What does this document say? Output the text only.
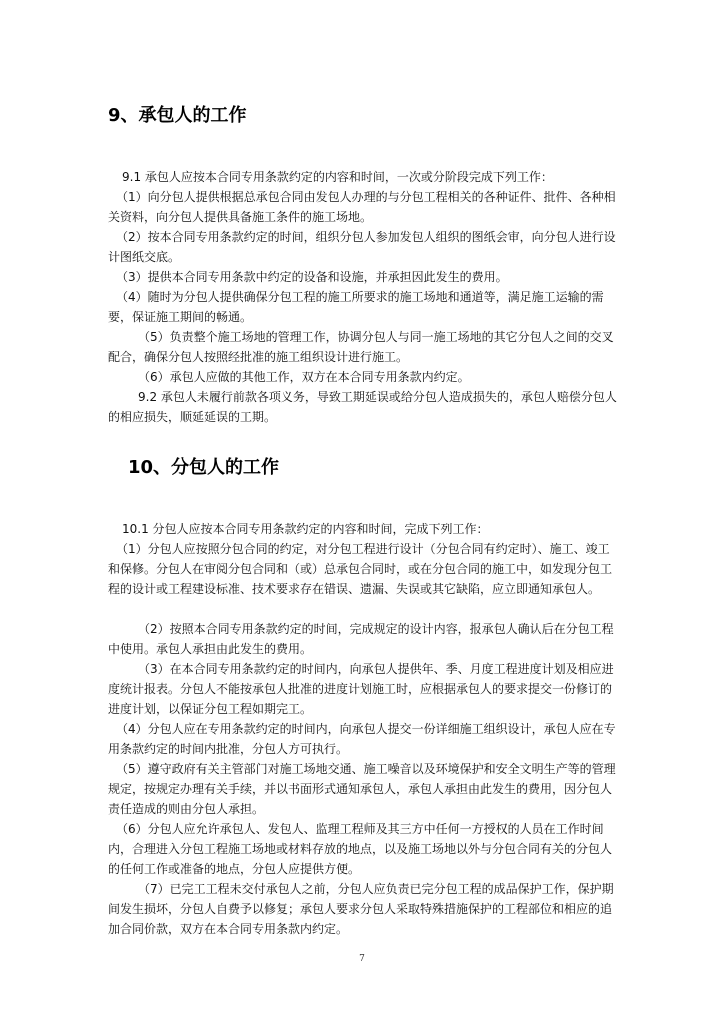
9、承包人的工作

9.1 承包人应按本合同专用条款约定的内容和时间，一次或分阶段完成下列工作：

（1）向分包人提供根据总承包合同由发包人办理的与分包工程相关的各种证件、批件、各种相关资料，向分包人提供具备施工条件的施工场地。

（2）按本合同专用条款约定的时间，组织分包人参加发包人组织的图纸会审，向分包人进行设计图纸交底。

（3）提供本合同专用条款中约定的设备和设施，并承担因此发生的费用。

（4）随时为分包人提供确保分包工程的施工所要求的施工场地和通道等，满足施工运输的需要，保证施工期间的畅通。

（5）负责整个施工场地的管理工作，协调分包人与同一施工场地的其它分包人之间的交叉配合，确保分包人按照经批准的施工组织设计进行施工。

（6）承包人应做的其他工作，双方在本合同专用条款内约定。

9.2 承包人未履行前款各项义务，导致工期延误或给分包人造成损失的，承包人赔偿分包人的相应损失，顺延延误的工期。

10、分包人的工作

10.1 分包人应按本合同专用条款约定的内容和时间，完成下列工作：

（1）分包人应按照分包合同的约定，对分包工程进行设计（分包合同有约定时）、施工、竣工和保修。分包人在审阅分包合同和（或）总承包合同时，或在分包合同的施工中，如发现分包工程的设计或工程建设标准、技术要求存在错误、遗漏、失误或其它缺陷，应立即通知承包人。

（2）按照本合同专用条款约定的时间，完成规定的设计内容，报承包人确认后在分包工程中使用。承包人承担由此发生的费用。

（3）在本合同专用条款约定的时间内，向承包人提供年、季、月度工程进度计划及相应进度统计报表。分包人不能按承包人批准的进度计划施工时，应根据承包人的要求提交一份修订的进度计划，以保证分包工程如期完工。

（4）分包人应在专用条款约定的时间内，向承包人提交一份详细施工组织设计，承包人应在专用条款约定的时间内批准，分包人方可执行。

（5）遵守政府有关主管部门对施工场地交通、施工噪音以及环境保护和安全文明生产等的管理规定，按规定办理有关手续，并以书面形式通知承包人，承包人承担由此发生的费用，因分包人责任造成的则由分包人承担。

（6）分包人应允许承包人、发包人、监理工程师及其三方中任何一方授权的人员在工作时间内，合理进入分包工程施工场地或材料存放的地点，以及施工场地以外与分包合同有关的分包人的任何工作或准备的地点，分包人应提供方便。

（7）已完工工程未交付承包人之前，分包人应负责已完分包工程的成品保护工作，保护期间发生损坏，分包人自费予以修复；承包人要求分包人采取特殊措施保护的工程部位和相应的追加合同价款，双方在本合同专用条款内约定。

7
